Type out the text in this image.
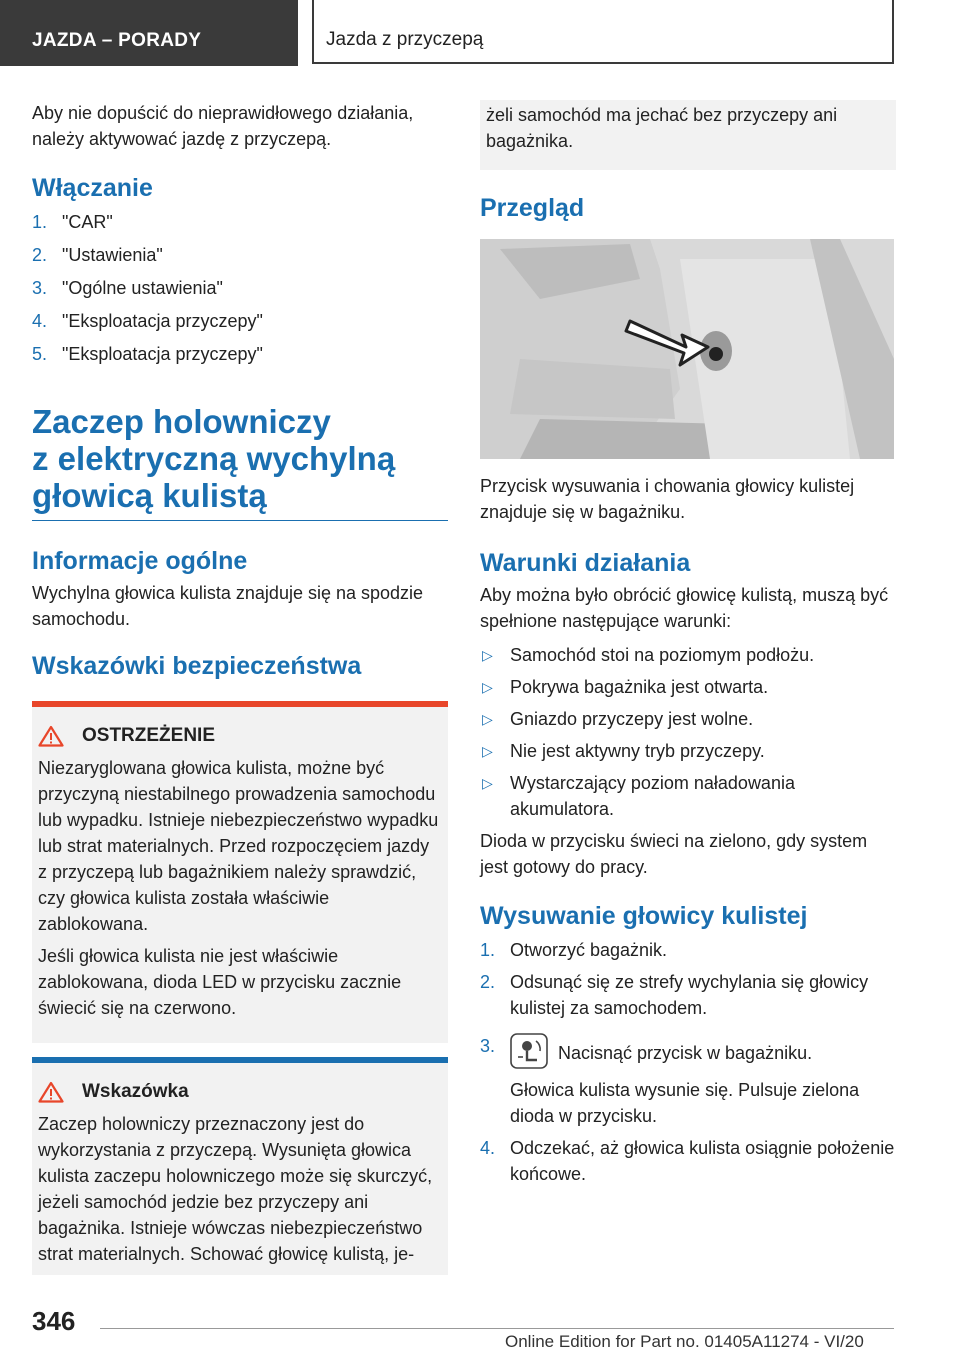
JAZDA – PORADY	Jazda z przyczepą

Aby nie dopuścić do nieprawidłowego działania, należy aktywować jazdę z przyczepą.

Włączanie
1. "CAR"
2. "Ustawienia"
3. "Ogólne ustawienia"
4. "Eksploatacja przyczepy"
5. "Eksploatacja przyczepy"
Zaczep holowniczy
z elektryczną wychylną
głowicą kulistą
Informacje ogólne

Wychylna głowica kulista znajduje się na spodzie samochodu.

Wskazówki bezpieczeństwa
OSTRZEŻENIE

Niezaryglowana głowica kulista, możne być przyczyną niestabilnego prowadzenia samochodu lub wypadku. Istnieje niebezpieczeństwo wypadku lub strat materialnych. Przed rozpoczęciem jazdy z przyczepą lub bagażnikiem należy sprawdzić, czy głowica kulista została właściwie zablokowana.

Jeśli głowica kulista nie jest właściwie zablokowana, dioda LED w przycisku zacznie świecić się na czerwono.

Wskazówka

Zaczep holowniczy przeznaczony jest do wykorzystania z przyczepą. Wysunięta głowica kulista zaczepu holowniczego może się skurczyć, jeżeli samochód jedzie bez przyczepy ani bagażnika. Istnieje wówczas niebezpieczeństwo strat materialnych. Schować głowicę kulistą, je-

żeli samochód ma jechać bez przyczepy ani bagażnika.

Przegląd

Przycisk wysuwania i chowania głowicy kulistej znajduje się w bagażniku.

Warunki działania

Aby można było obrócić głowicę kulistą, muszą być spełnione następujące warunki:

▷ Samochód stoi na poziomym podłożu.
▷ Pokrywa bagażnika jest otwarta.
▷ Gniazdo przyczepy jest wolne.
▷ Nie jest aktywny tryb przyczepy.
▷ Wystarczający poziom naładowania akumulatora.

Dioda w przycisku świeci na zielono, gdy system jest gotowy do pracy.

Wysuwanie głowicy kulistej
1. Otworzyć bagażnik.
2. Odsunąć się ze strefy wychylania się głowicy kulistej za samochodem.
3.	Nacisnąć przycisk w bagażniku.
Głowica kulista wysunie się. Pulsuje zielona dioda w przycisku.
4. Odczekać, aż głowica kulista osiągnie położenie końcowe.
346
Online Edition for Part no. 01405A11274 - VI/20
